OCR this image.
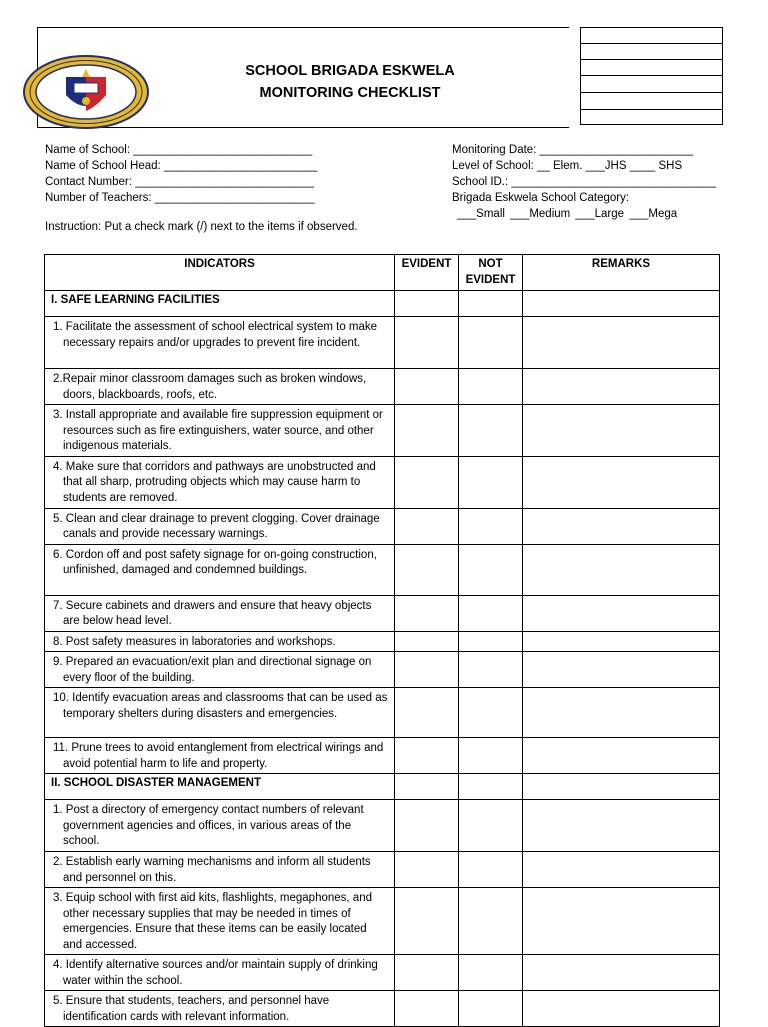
SCHOOL BRIGADA ESKWELA
MONITORING CHECKLIST
Name of School: ____________________________
Name of School Head: ________________________
Contact Number: ____________________________
Number of Teachers: _________________________
Monitoring Date: ________________________
Level of School: __ Elem. ___JHS ____ SHS
School ID.: ________________________________
Brigada Eskwela School Category:
___Small ___Medium ___Large ___Mega
Instruction: Put a check mark (/) next to the items if observed.
INDICATORS	EVIDENT	NOT EVIDENT	REMARKS
I. SAFE LEARNING FACILITIES			

1. Facilitate the assessment of school electrical system to make necessary repairs and/or upgrades to prevent fire incident.			

2.Repair minor classroom damages such as broken windows, doors, blackboards, roofs, etc.			

3. Install appropriate and available fire suppression equipment or resources such as fire extinguishers, water source, and other indigenous materials.			

4. Make sure that corridors and pathways are unobstructed and that all sharp, protruding objects which may cause harm to students are removed.			

5. Clean and clear drainage to prevent clogging. Cover drainage canals and provide necessary warnings.			

6. Cordon off and post safety signage for on-going construction, unfinished, damaged and condemned buildings.			

7. Secure cabinets and drawers and ensure that heavy objects are below head level.			

8. Post safety measures in laboratories and workshops.			

9. Prepared an evacuation/exit plan and directional signage on every floor of the building.			

10. Identify evacuation areas and classrooms that can be used as temporary shelters during disasters and emergencies.			

11. Prune trees to avoid entanglement from electrical wirings and avoid potential harm to life and property.			

II. SCHOOL DISASTER MANAGEMENT			

1. Post a directory of emergency contact numbers of relevant government agencies and offices, in various areas of the school.			

2. Establish early warning mechanisms and inform all students and personnel on this.			

3. Equip school with first aid kits, flashlights, megaphones, and other necessary supplies that may be needed in times of emergencies. Ensure that these items can be easily located and accessed.			

4. Identify alternative sources and/or maintain supply of drinking water within the school.			

5. Ensure that students, teachers, and personnel have identification cards with relevant information.			
